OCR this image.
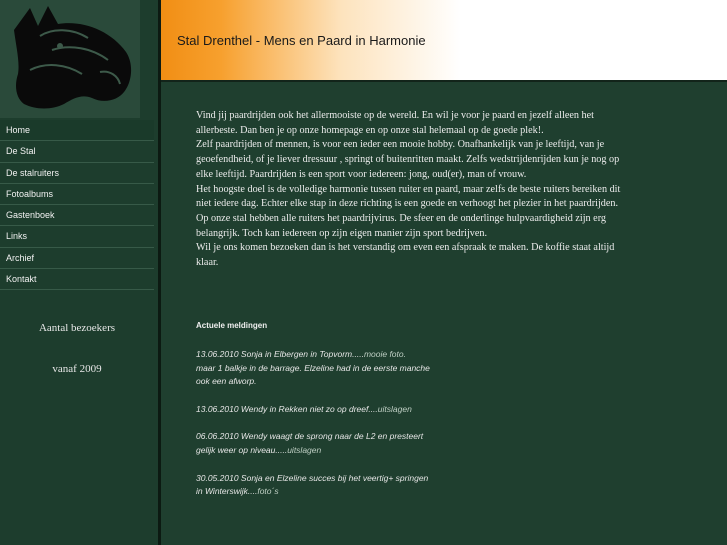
Stal Drenthel - Mens en Paard in Harmonie
Home
De Stal
De stalruiters
Fotoalbums
Gastenboek
Links
Archief
Kontakt
Aantal bezoekers
vanaf 2009

Vind jij paardrijden ook het allermooiste op de wereld. En wil je voor je paard en jezelf alleen het allerbeste. Dan ben je op onze homepage en op onze stal helemaal op de goede plek!.

Zelf paardrijden of mennen, is voor een ieder een mooie hobby. Onafhankelijk van je leeftijd, van je geoefendheid, of je liever dressuur , springt of buitenritten maakt. Zelfs wedstrijdenrijden kun je nog op elke leeftijd. Paardrijden is een sport voor iedereen: jong, oud(er), man of vrouw.

Het hoogste doel is de volledige harmonie tussen ruiter en paard, maar zelfs de beste ruiters bereiken dit niet iedere dag. Echter elke stap in deze richting is een goede en verhoogt het plezier in het paardrijden.

Op onze stal hebben alle ruiters het paardrijvirus. De sfeer en de onderlinge hulpvaardigheid zijn erg belangrijk. Toch kan iedereen op zijn eigen manier zijn sport bedrijven.

Wil je ons komen bezoeken dan is het verstandig om even een afspraak te maken. De koffie staat altijd klaar.

Actuele meldingen
13.06.2010 Sonja in Elbergen in Topvorm.....mooie foto.
maar 1 balkje in de barrage. Elzeline had in de eerste manche ook een afworp.
13.06.2010 Wendy in Rekken niet zo op dreef....uitslagen
06.06.2010 Wendy waagt de sprong naar de L2 en presteert gelijk weer op niveau.....uitslagen
30.05.2010 Sonja en Elzeline succes bij het veertig+ springen in Winterswijk....foto´s
